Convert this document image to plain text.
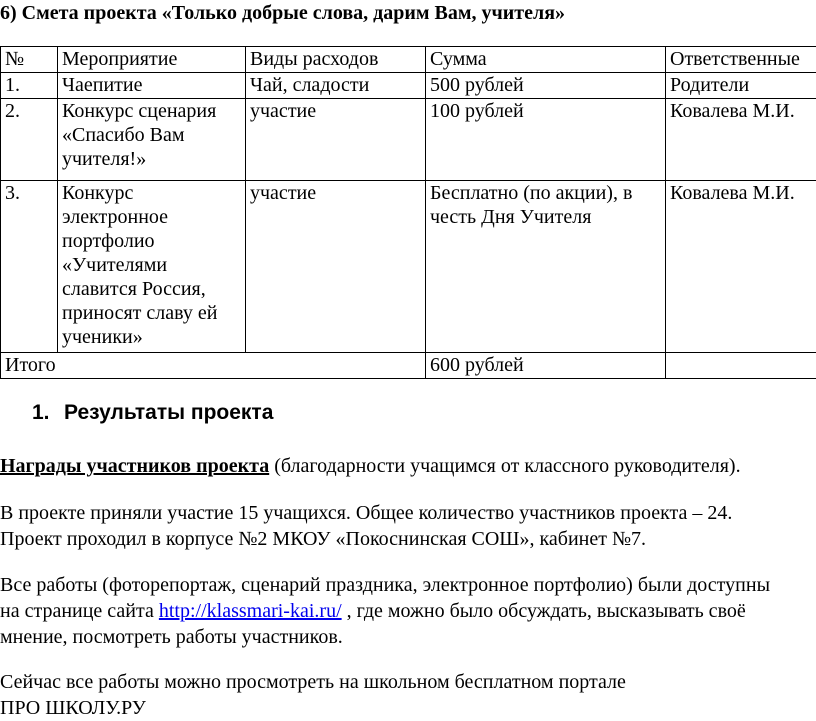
6) Смета проекта «Только добрые слова, дарим Вам, учителя»
№	Мероприятие	Виды расходов	Сумма	Ответственные
1.	Чаепитие	Чай, сладости	500 рублей	Родители
2.	Конкурс сценария «Спасибо Вам учителя!»	участие	100 рублей	Ковалева М.И.
3.	Конкурс электронное портфолио «Учителями славится Россия, приносят славу ей ученики»	участие	Бесплатно (по акции), в честь Дня Учителя	Ковалева М.И.
Итого			600 рублей	
1. Результаты проекта
Награды участников проекта (благодарности учащимся от классного руководителя).
В проекте приняли участие 15 учащихся. Общее количество участников проекта – 24.
Проект проходил в корпусе №2 МКОУ «Покоснинская СОШ», кабинет №7.
Все работы (фоторепортаж, сценарий праздника, электронное портфолио) были доступны
на странице сайта http://klassmari-kai.ru/ , где можно было обсуждать, высказывать своё
мнение, посмотреть работы участников.
Сейчас все работы можно просмотреть на школьном бесплатном портале
ПРО ШКОЛУ.РУ
